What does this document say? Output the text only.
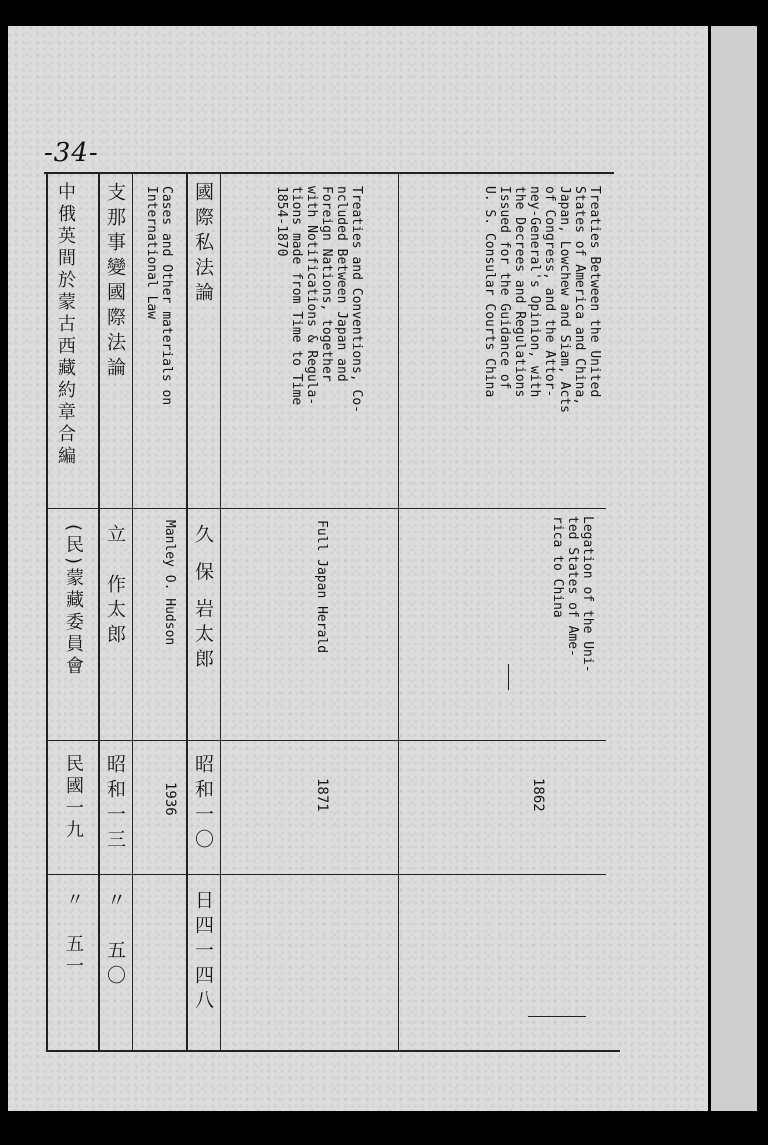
-34-
Treaties Between the United
States of America and China,
Japan, Lowchew and Siam, Acts
of Congress, and the Attor-
ney-General's Opinion, with
the Decrees and Regulations
Issued for the Guidance of
U. S. Consular Courts China
Legation of the Uni-
ted States of Ame-
rica to China
1862
Treaties and Conventions, Co-
ncluded Between Japan and
Foreign Nations, together
with Notifications & Regula-
tions made from Time to Time
1854-1870
Full Japan Herald
1871
國際私法論
久 保 岩太郎
昭和一〇
日四一四八
Cases and Other materials on
International Law
Manley O. Hudson
1936
支那事變國際法論
立　作太郎
昭和一三
〃　五〇
中俄英間於蒙古西藏約章合編
(民)蒙藏委員會
民國一九
〃　五一
